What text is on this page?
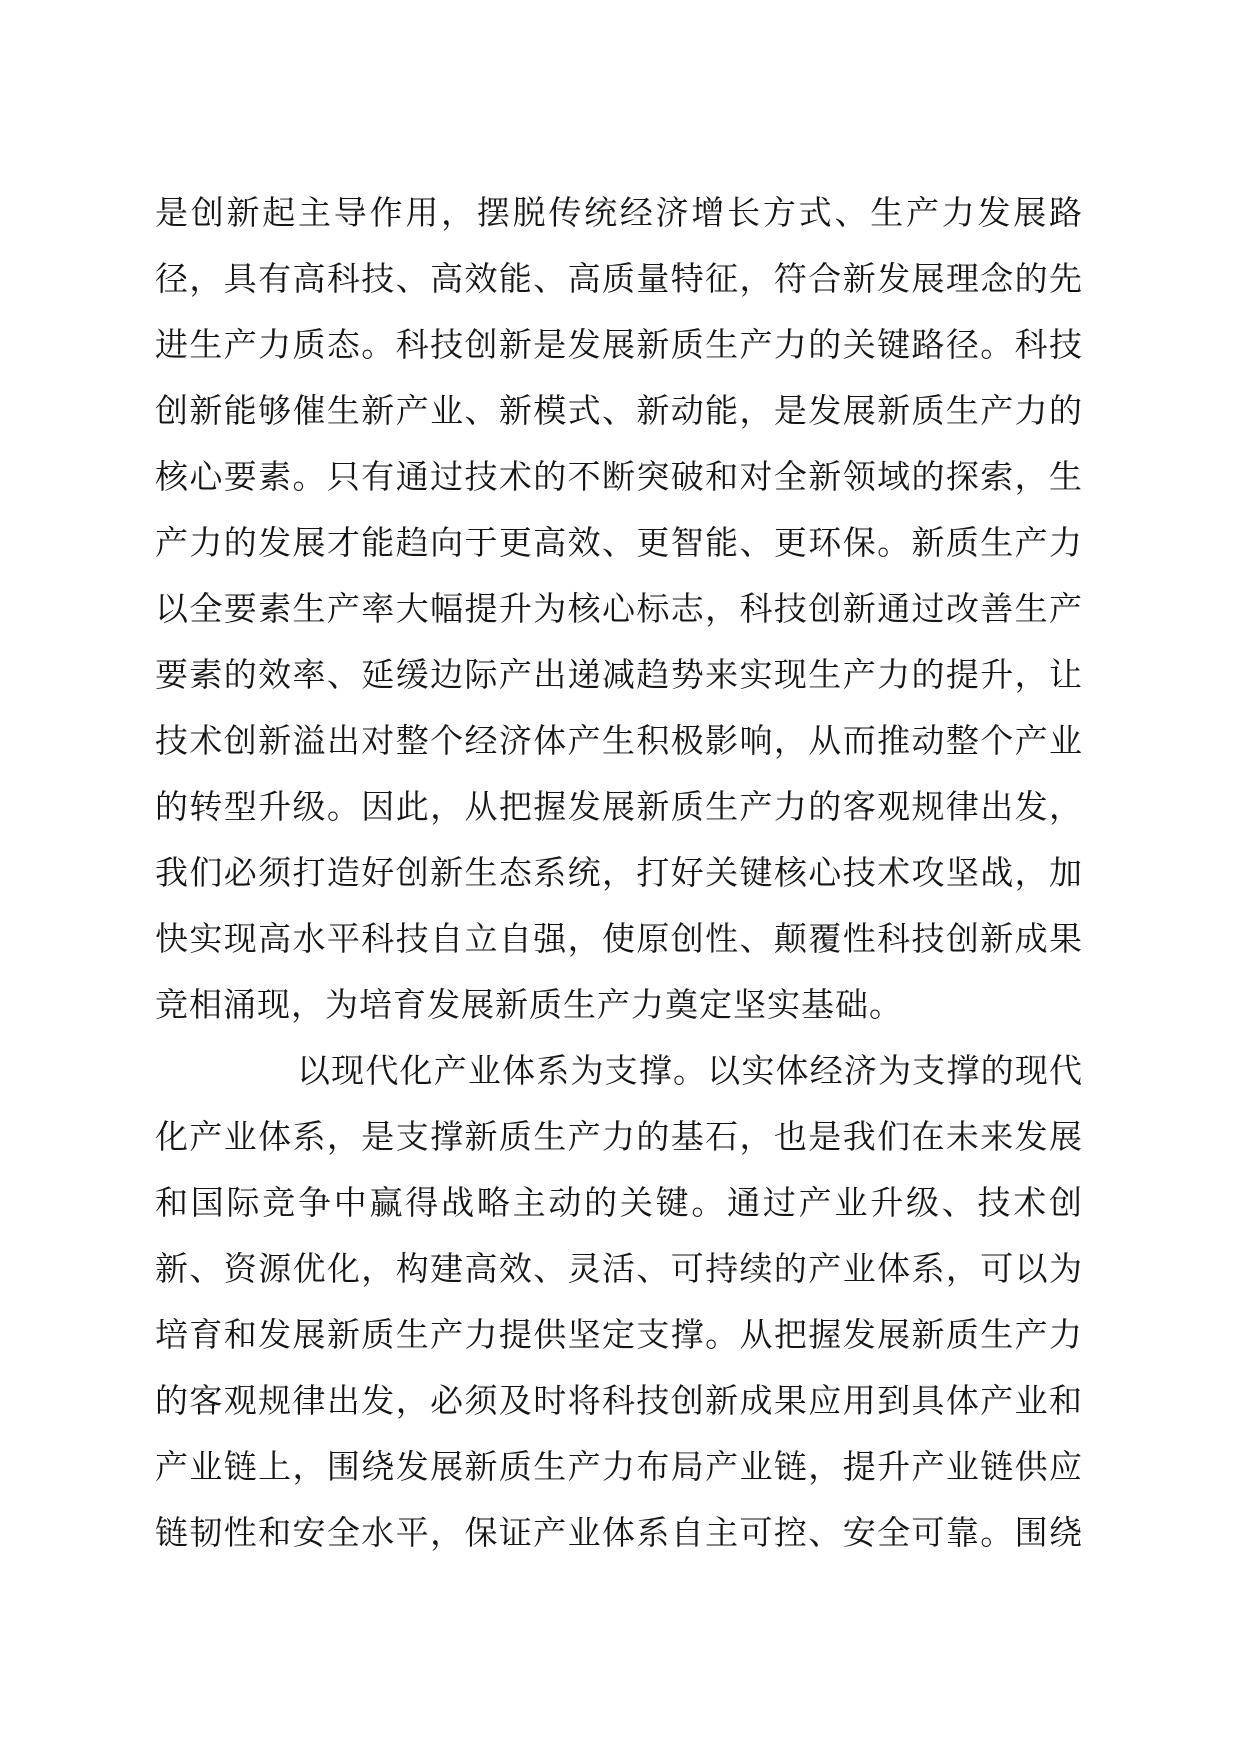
是创新起主导作用，摆脱传统经济增长方式、生产力发展路
径，具有高科技、高效能、高质量特征，符合新发展理念的先
进生产力质态。科技创新是发展新质生产力的关键路径。科技
创新能够催生新产业、新模式、新动能，是发展新质生产力的
核心要素。只有通过技术的不断突破和对全新领域的探索，生
产力的发展才能趋向于更高效、更智能、更环保。新质生产力
以全要素生产率大幅提升为核心标志，科技创新通过改善生产
要素的效率、延缓边际产出递减趋势来实现生产力的提升，让
技术创新溢出对整个经济体产生积极影响，从而推动整个产业
的转型升级。因此，从把握发展新质生产力的客观规律出发，
我们必须打造好创新生态系统，打好关键核心技术攻坚战，加
快实现高水平科技自立自强，使原创性、颠覆性科技创新成果
竞相涌现，为培育发展新质生产力奠定坚实基础。
以现代化产业体系为支撑。以实体经济为支撑的现代
化产业体系，是支撑新质生产力的基石，也是我们在未来发展
和国际竞争中赢得战略主动的关键。通过产业升级、技术创
新、资源优化，构建高效、灵活、可持续的产业体系，可以为
培育和发展新质生产力提供坚定支撑。从把握发展新质生产力
的客观规律出发，必须及时将科技创新成果应用到具体产业和
产业链上，围绕发展新质生产力布局产业链，提升产业链供应
链韧性和安全水平，保证产业体系自主可控、安全可靠。围绕
